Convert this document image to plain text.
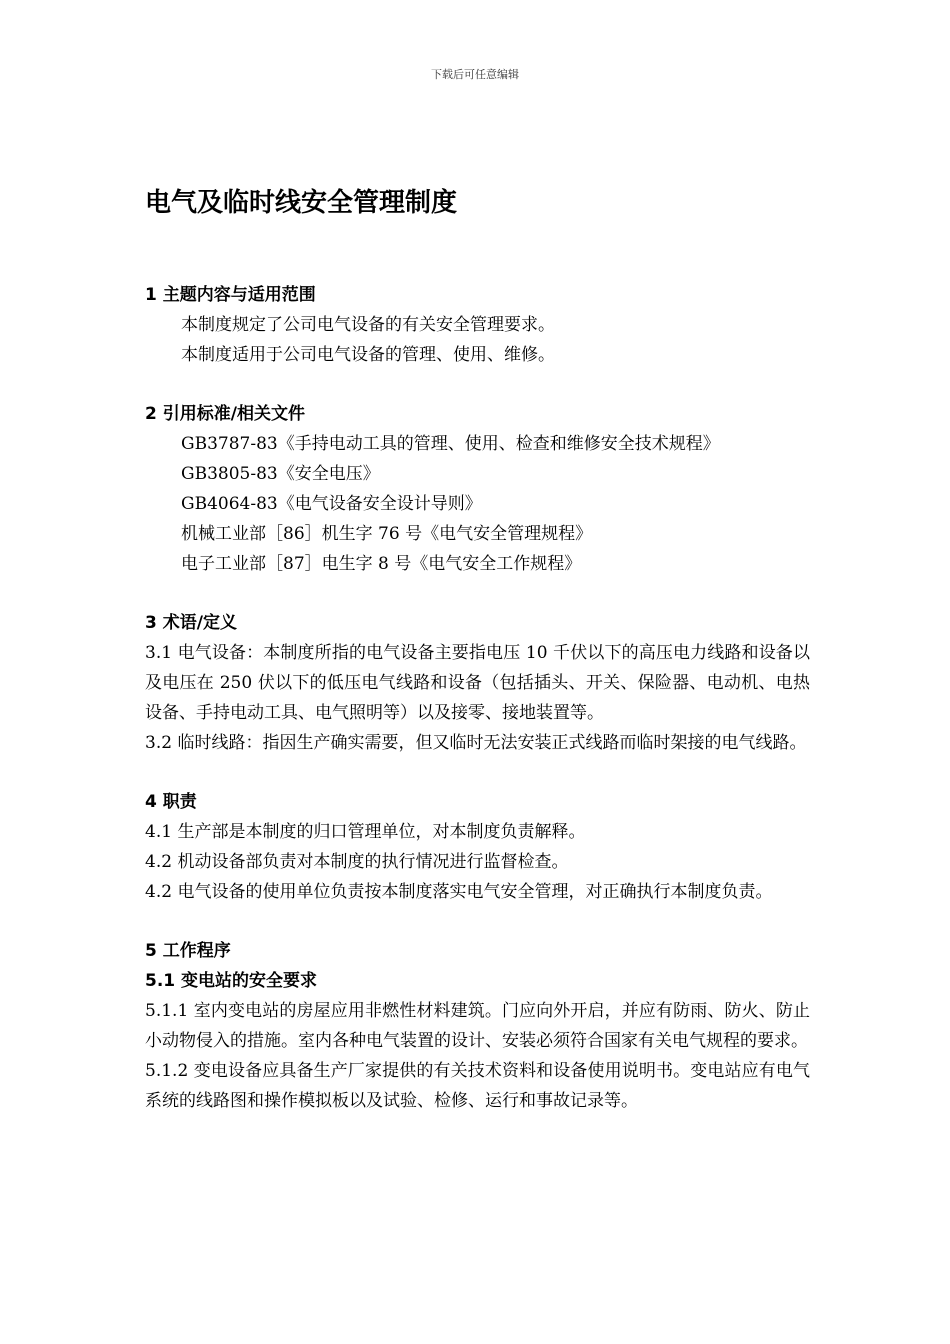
下载后可任意编辑
电气及临时线安全管理制度

1 主题内容与适用范围

本制度规定了公司电气设备的有关安全管理要求。

本制度适用于公司电气设备的管理、使用、维修。

2 引用标准/相关文件

GB3787-83《手持电动工具的管理、使用、检查和维修安全技术规程》

GB3805-83《安全电压》

GB4064-83《电气设备安全设计导则》

机械工业部［86］机生字 76 号《电气安全管理规程》

电子工业部［87］电生字 8 号《电气安全工作规程》

3 术语/定义

3.1 电气设备：本制度所指的电气设备主要指电压 10 千伏以下的高压电力线路和设备以及电压在 250 伏以下的低压电气线路和设备（包括插头、开关、保险器、电动机、电热设备、手持电动工具、电气照明等）以及接零、接地装置等。

3.2 临时线路：指因生产确实需要，但又临时无法安装正式线路而临时架接的电气线路。

4 职责

4.1 生产部是本制度的归口管理单位，对本制度负责解释。

4.2 机动设备部负责对本制度的执行情况进行监督检查。

4.2 电气设备的使用单位负责按本制度落实电气安全管理，对正确执行本制度负责。

5 工作程序

5.1 变电站的安全要求

5.1.1 室内变电站的房屋应用非燃性材料建筑。门应向外开启，并应有防雨、防火、防止小动物侵入的措施。室内各种电气装置的设计、安装必须符合国家有关电气规程的要求。

5.1.2 变电设备应具备生产厂家提供的有关技术资料和设备使用说明书。变电站应有电气系统的线路图和操作模拟板以及试验、检修、运行和事故记录等。
